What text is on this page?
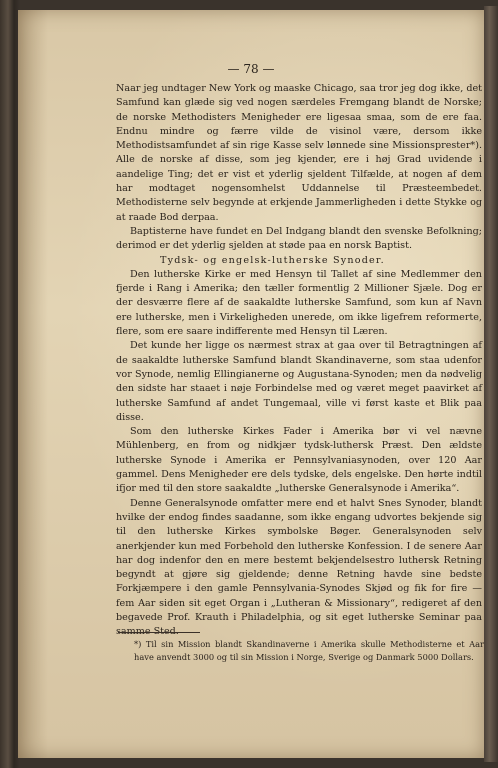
— 78 —

Naar jeg undtager New York og maaske Chicago, saa tror jeg dog ikke, det Samfund kan glæde sig ved nogen særdeles Fremgang blandt de Norske; de norske Methodisters Menigheder ere ligesaa smaa, som de ere faa. Endnu mindre og færre vilde de visinol være, dersom ikke Methodistsamfundet af sin rige Kasse selv lønnede sine Missionsprester*). Alle de norske af disse, som jeg kjender, ere i høj Grad uvidende i aandelige Ting; det er vist et yderlig sjeldent Tilfælde, at nogen af dem har modtaget nogensomhelst Uddannelse til Præsteembedet. Methodisterne selv begynde at erkjende Jammerligheden i dette Stykke og at raade Bod derpaa.

Baptisterne have fundet en Del Indgang blandt den svenske Befolkning; derimod er det yderlig sjelden at støde paa en norsk Baptist.

Tydsk- og engelsk-lutherske Synoder.

Den lutherske Kirke er med Hensyn til Tallet af sine Medlemmer den fjerde i Rang i Amerika; den tæller formentlig 2 Millioner Sjæle. Dog er der desværre flere af de saakaldte lutherske Samfund, som kun af Navn ere lutherske, men i Virkeligheden unerede, om ikke ligefrem reformerte, flere, som ere saare indifferente med Hensyn til Læren.

Det kunde her ligge os nærmest strax at gaa over til Betragtningen af de saakaldte lutherske Samfund blandt Skandinaverne, som staa udenfor vor Synode, nemlig Ellingianerne og Augustana-Synoden; men da nødvelig den sidste har staaet i nøje Forbindelse med og været meget paavirket af lutherske Samfund af andet Tungemaal, ville vi først kaste et Blik paa disse.

Som den lutherske Kirkes Fader i Amerika bør vi vel nævne Mühlenberg, en from og nidkjær tydsk-luthersk Præst. Den ældste lutherske Synode i Amerika er Pennsylvaniasynoden, over 120 Aar gammel. Dens Menigheder ere dels tydske, dels engelske. Den hørte indtil ifjor med til den store saakaldte „lutherske Generalsynode i Amerika“.

Denne Generalsynode omfatter mere end et halvt Snes Synoder, blandt hvilke der endog findes saadanne, som ikke engang udvortes bekjende sig til den lutherske Kirkes symbolske Bøger. Generalsynoden selv anerkjender kun med Forbehold den lutherske Konfession. I de senere Aar har dog indenfor den en mere bestemt bekjendelsestro luthersk Retning begyndt at gjøre sig gjeldende; denne Retning havde sine bedste Forkjæmpere i den gamle Pennsylvania-Synodes Skjød og fik for fire — fem Aar siden sit eget Organ i „Lutheran & Missionary“, redigeret af den begavede Prof. Krauth i Philadelphia, og sit eget lutherske Seminar paa samme Sted.

*) Til sin Mission blandt Skandinaverne i Amerika skulle Methodisterne et Aar have anvendt 3000 og til sin Mission i Norge, Sverige og Danmark 5000 Dollars.
